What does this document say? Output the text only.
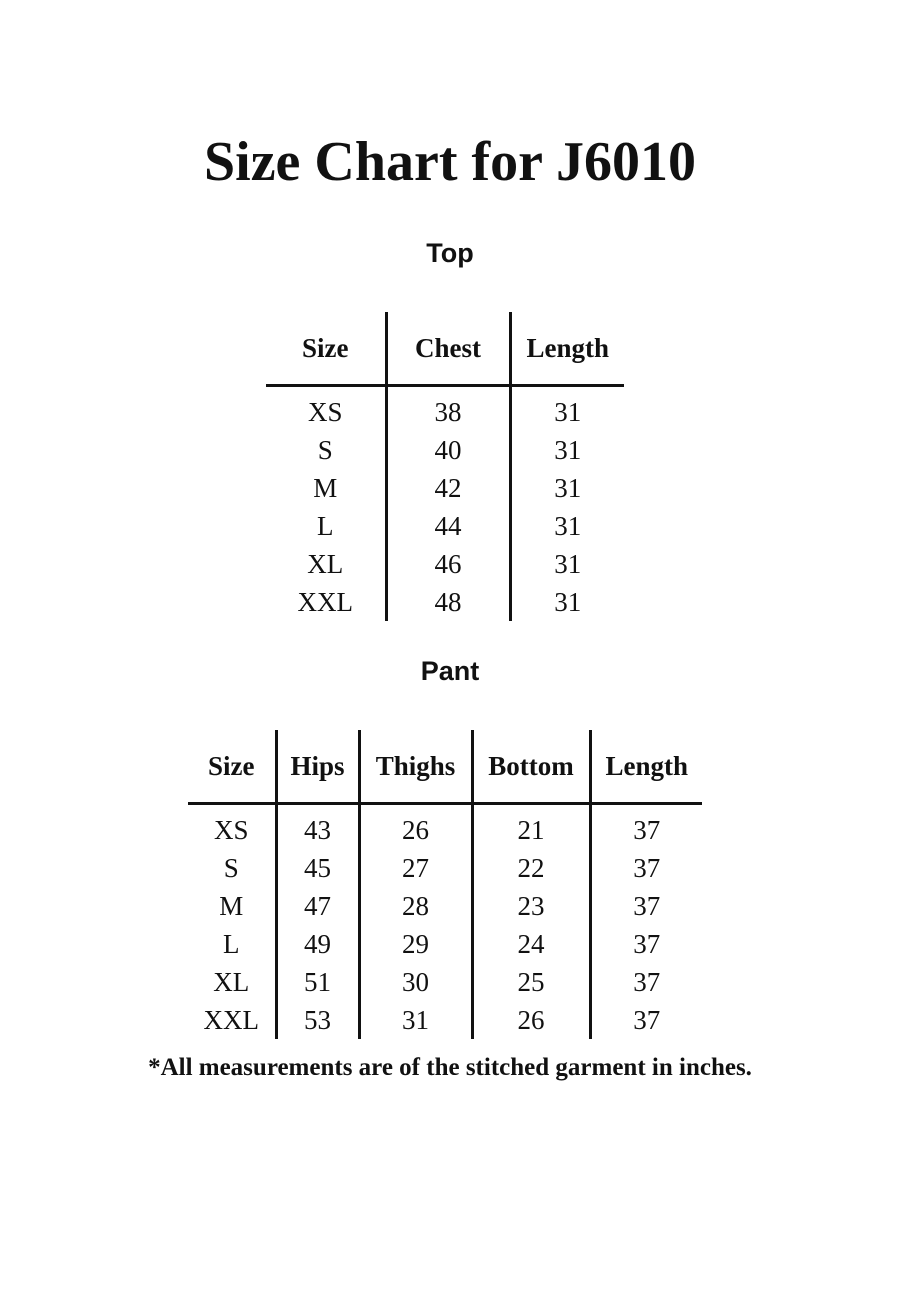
Size Chart for J6010
Top
Size	Chest	Length
XS	38	31
S	40	31
M	42	31
L	44	31
XL	46	31
XXL	48	31
Pant
Size	Hips	Thighs	Bottom	Length
XS	43	26	21	37
S	45	27	22	37
M	47	28	23	37
L	49	29	24	37
XL	51	30	25	37
XXL	53	31	26	37

*All measurements are of the stitched garment in inches.
